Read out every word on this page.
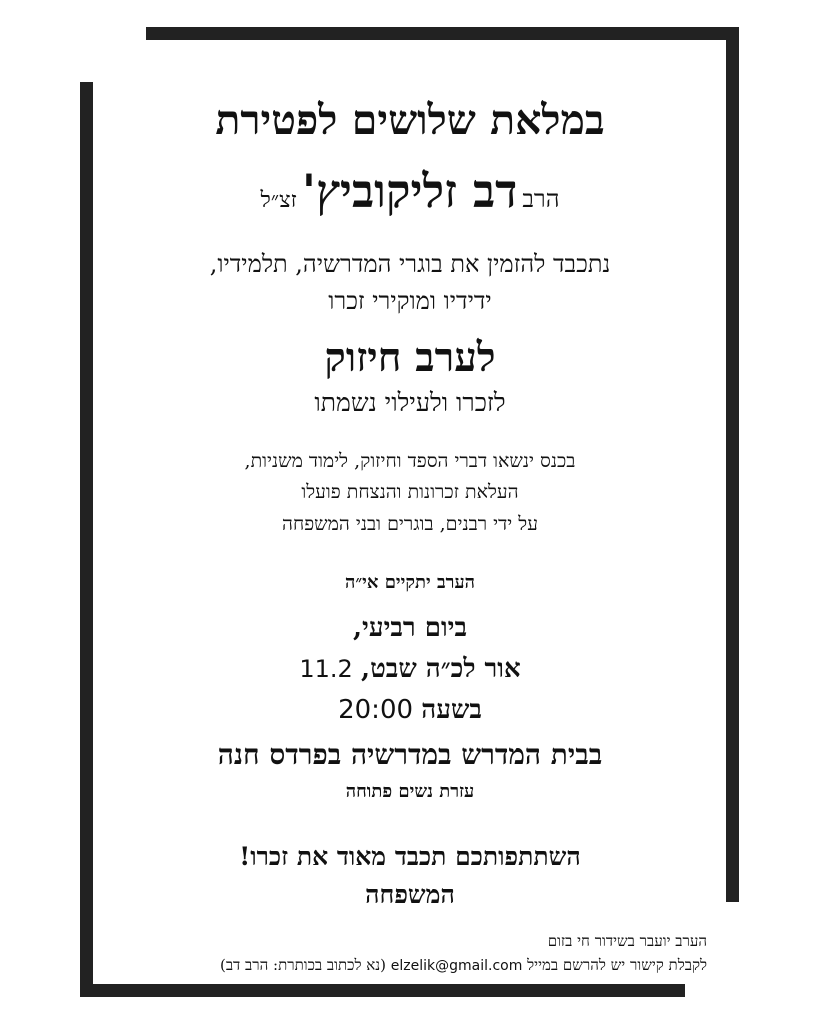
במלאת שלושים לפטירת
הרב דב זליקוביץ' זצ״ל
נתכבד להזמין את בוגרי המדרשיה, תלמידיו,
ידידיו ומוקירי זכרו
לערב חיזוק
לזכרו ולעילוי נשמתו
בכנס ינשאו דברי הספד וחיזוק, לימוד משניות,
העלאת זכרונות והנצחת פועלו
על ידי רבנים, בוגרים ובני המשפחה
הערב יתקיים אי״ה
ביום רביעי,
אור לכ״ה שבט, 11.2
בשעה 20:00
בבית המדרש במדרשיה בפרדס חנה
עזרת נשים פתוחה
השתתפותכם תכבד מאוד את זכרו!
המשפחה
הערב יועבר בשידור חי בזום
לקבלת קישור יש להרשם במייל elzelik@gmail.com (נא לכתוב בכותרת: הרב דב)
